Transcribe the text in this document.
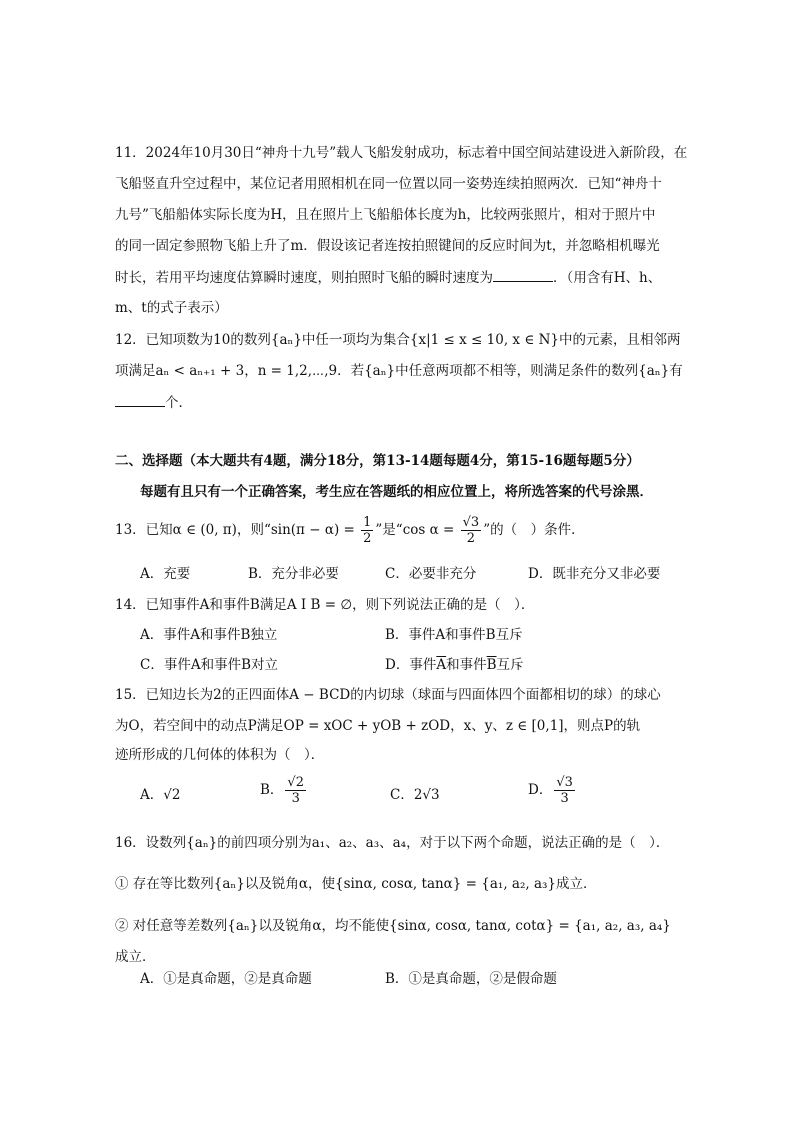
11．2024年10月30日“神舟十九号”载人飞船发射成功，标志着中国空间站建设进入新阶段，在
飞船竖直升空过程中，某位记者用照相机在同一位置以同一姿势连续拍照两次．已知“神舟十
九号”飞船船体实际长度为H，且在照片上飞船船体长度为h，比较两张照片，相对于照片中
的同一固定参照物飞船上升了m．假设该记者连按拍照键间的反应时间为t，并忽略相机曝光
时长，若用平均速度估算瞬时速度，则拍照时飞船的瞬时速度为	．（用含有H、h、
m、t的式子表示）
12．已知项数为10的数列{aₙ}中任一项均为集合{x|1 ≤ x ≤ 10, x ∈ N}中的元素，且相邻两
项满足aₙ < aₙ₊₁ + 3，n = 1,2,⋯,9．若{aₙ}中任意两项都不相等，则满足条件的数列{aₙ}有
个．
二、选择题（本大题共有4题，满分18分，第13-14题每题4分，第15-16题每题5分）
每题有且只有一个正确答案，考生应在答题纸的相应位置上，将所选答案的代号涂黑．
13．已知α ∈ (0, π)，则“$\sin(\pi - \alpha) = \frac{1}{2}$ ”是“cos $\alpha = \frac{√3}{2}$ ”的（　）条件．
A．充要	B．充分非必要	C．必要非充分	D．既非充分又非必要
14．已知事件A和事件B满足A I B = ∅，则下列说法正确的是（　）．
A．事件A和事件B独立	B．事件A和事件B互斥
C．事件A和事件B对立	D．事件$\overline{A}$和事件$\overline{B}$互斥
15．已知边长为2的正四面体A − BCD的内切球（球面与四面体四个面都相切的球）的球心
为O，若空间中的动点P满足OP = xOC + yOB + zOD，x、y、z ∈ [0,1]，则点P的轨
迹所形成的几何体的体积为（　）．
A．√2	B． $\frac{√2}{3}$	C．2√3	D． $\frac{√3}{3}$
16．设数列{aₙ}的前四项分别为a₁、a₂、a₃、a₄，对于以下两个命题，说法正确的是（　）．
① 存在等比数列{aₙ}以及锐角α，使{sinα, cosα, tanα} = {a₁, a₂, a₃}成立．
② 对任意等差数列{aₙ}以及锐角α，均不能使{sinα, cosα, tanα, cotα} = {a₁, a₂, a₃, a₄}
成立．
A．①是真命题，②是真命题	B．①是真命题，②是假命题
